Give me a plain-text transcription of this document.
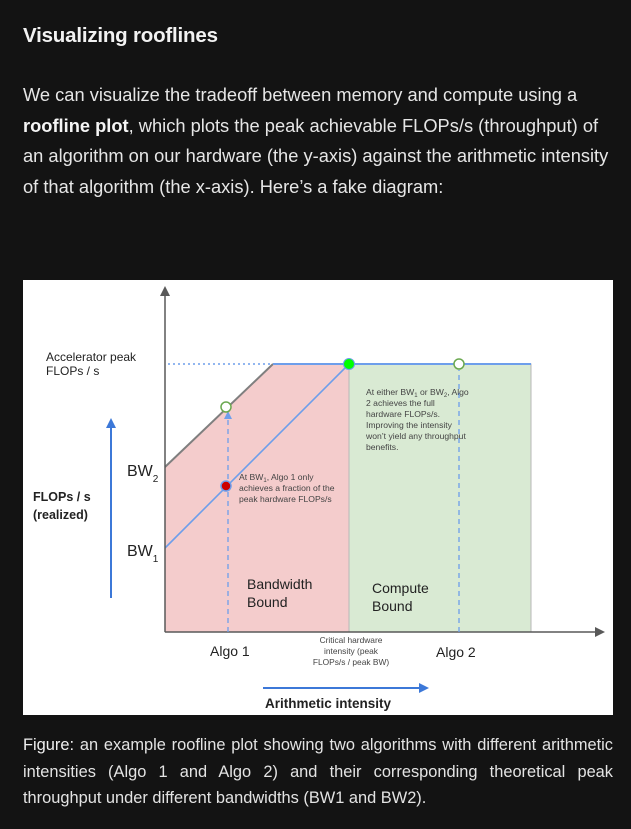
Visualizing rooflines
We can visualize the tradeoff between memory and compute using a roofline plot, which plots the peak achievable FLOPs/s (throughput) of an algorithm on our hardware (the y-axis) against the arithmetic intensity of that algorithm (the x-axis). Here’s a fake diagram:
Accelerator peak
FLOPs / s
FLOPs / s
(realized)
$BW_2$
$BW_1$
At $BW_1$, Algo 1 only
achieves a fraction of the
peak hardware FLOPs/s
At either $BW_1$ or $BW_2$, Algo
2 achieves the full
hardware FLOPs/s.
Improving the intensity
won’t yield any throughput
benefits.
Bandwidth
Bound
Compute
Bound
Algo 1	Algo 2
Critical hardware
intensity (peak
FLOPs/s / peak BW)
Arithmetic intensity
Figure: an example roofline plot showing two algorithms with different arithmetic intensities (Algo 1 and Algo 2) and their corresponding theoretical peak throughput under different bandwidths (BW1 and BW2).
